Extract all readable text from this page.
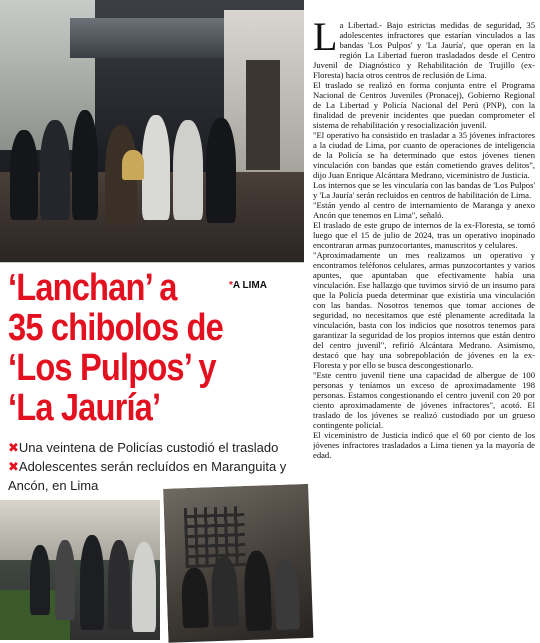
‘Lanchan’ a
35 chibolos de
‘Los Pulpos’ y
‘La Jauría’
*A LIMA
✖Una veintena de Policías custodió el traslado ✖Adolescentes serán recluídos en Maranguita y Ancón, en Lima
L a Libertad.- Bajo estrictas medidas de seguridad, 35 adolescentes infractores que estarían vinculados a las bandas 'Los Pulpos' y 'La Jauría', que operan en la región La Libertad fueron trasladados desde el Centro Juvenil de Diagnóstico y Rehabilitación de Trujillo (ex-Floresta) hacia otros centros de reclusión de Lima.

El traslado se realizó en forma conjunta entre el Programa Nacional de Centros Juveniles (Pronacej), Gobierno Regional de La Libertad y Policía Nacional del Perú (PNP), con la finalidad de prevenir incidentes que puedan comprometer el sistema de rehabilitación y resocialización juvenil.

"El operativo ha consistido en trasladar a 35 jóvenes infractores a la ciudad de Lima, por cuanto de operaciones de inteligencia de la Policía se ha determinado que estos jóvenes tienen vinculación con bandas que están cometiendo graves delitos", dijo Juan Enrique Alcántara Medrano, viceministro de Justicia.

Los internos que se les vincularía con las bandas de 'Los Pulpos' y 'La Jauría' serán recluidos en centros de habilitación de Lima.

"Están yendo al centro de internamiento de Maranga y anexo Ancón que tenemos en Lima", señaló.

El traslado de este grupo de internos de la ex-Floresta, se tomó luego que el 15 de julio de 2024, tras un operativo inopinado encontraran armas punzocortantes, manuscritos y celulares.

"Aproximadamente un mes realizamos un operativo y encontramos teléfonos celulares, armas punzocortantes y varios apuntes, que apuntaban que efectivamente había una vinculación. Ese hallazgo que tuvimos sirvió de un insumo para que la Policía pueda determinar que existiría una vinculación con las bandas. Nosotros tenemos que tomar acciones de seguridad, no necesitamos que esté plenamente acreditada la vinculación, basta con los indicios que nosotros tenemos para garantizar la seguridad de los propios internos que están dentro del centro juvenil", refirió Alcántara Medrano. Asimismo, destacó que hay una sobrepoblación de jóvenes en la ex-Floresta y por ello se busca descongestionarlo.

"Este centro juvenil tiene una capacidad de albergue de 100 personas y teníamos un exceso de aproximadamente 198 personas. Estamos congestionando el centro juvenil con 20 por ciento aproximadamente de jóvenes infractores", acotó. El traslado de los jóvenes se realizó custodiado por un grueso contingente policial.

El viceministro de Justicia indicó que el 60 por ciento de los jóvenes infractores trasladados a Lima tienen ya la mayoría de edad.
